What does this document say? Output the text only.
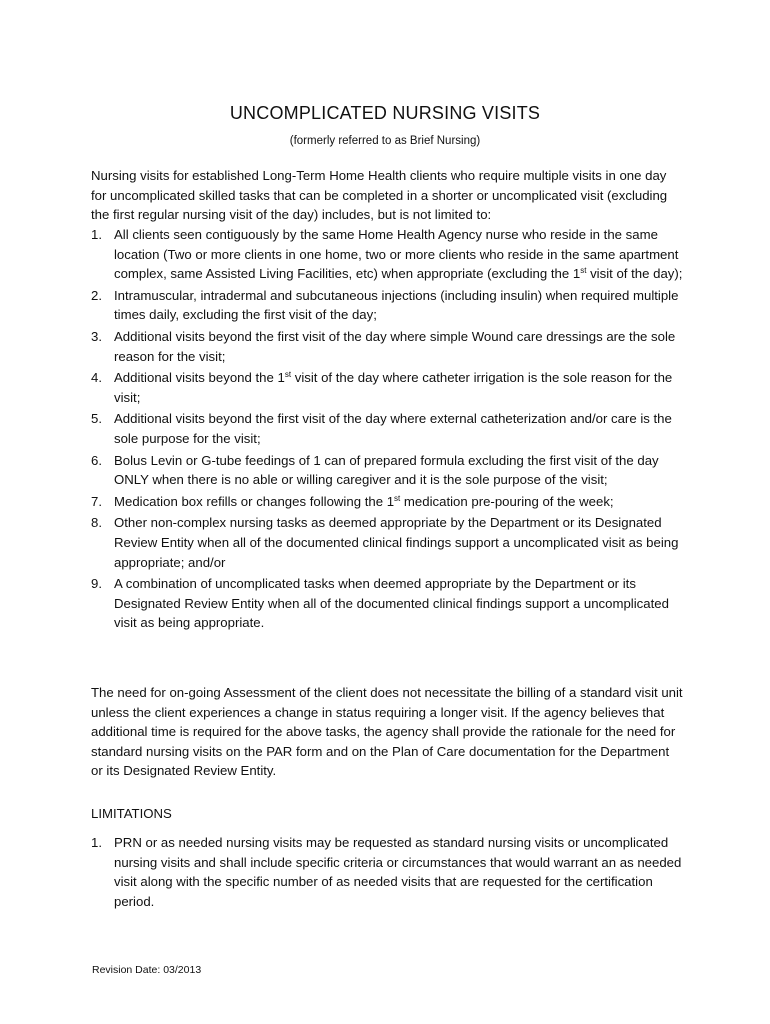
UNCOMPLICATED NURSING VISITS
(formerly referred to as Brief Nursing)
Nursing visits for established Long-Term Home Health clients who require multiple visits in one day for uncomplicated skilled tasks that can be completed in a shorter or uncomplicated visit (excluding the first regular nursing visit of the day) includes, but is not limited to:
1. All clients seen contiguously by the same Home Health Agency nurse who reside in the same location (Two or more clients in one home, two or more clients who reside in the same apartment complex, same Assisted Living Facilities, etc) when appropriate (excluding the 1st visit of the day);
2. Intramuscular, intradermal and subcutaneous injections (including insulin) when required multiple times daily, excluding the first visit of the day;
3. Additional visits beyond the first visit of the day where simple Wound care dressings are the sole reason for the visit;
4. Additional visits beyond the 1st visit of the day where catheter irrigation is the sole reason for the visit;
5. Additional visits beyond the first visit of the day where external catheterization and/or care is the sole purpose for the visit;
6. Bolus Levin or G-tube feedings of 1 can of prepared formula excluding the first visit of the day ONLY when there is no able or willing caregiver and it is the sole purpose of the visit;
7. Medication box refills or changes following the 1st medication pre-pouring of the week;
8. Other non-complex nursing tasks as deemed appropriate by the Department or its Designated Review Entity when all of the documented clinical findings support a uncomplicated visit as being appropriate; and/or
9. A combination of uncomplicated tasks when deemed appropriate by the Department or its Designated Review Entity when all of the documented clinical findings support a uncomplicated visit as being appropriate.
The need for on-going Assessment of the client does not necessitate the billing of a standard visit unit unless the client experiences a change in status requiring a longer visit. If the agency believes that additional time is required for the above tasks, the agency shall provide the rationale for the need for standard nursing visits on the PAR form and on the Plan of Care documentation for the Department or its Designated Review Entity.
LIMITATIONS
1. PRN or as needed nursing visits may be requested as standard nursing visits or uncomplicated nursing visits and shall include specific criteria or circumstances that would warrant an as needed visit along with the specific number of as needed visits that are requested for the certification period.
Revision Date: 03/2013
